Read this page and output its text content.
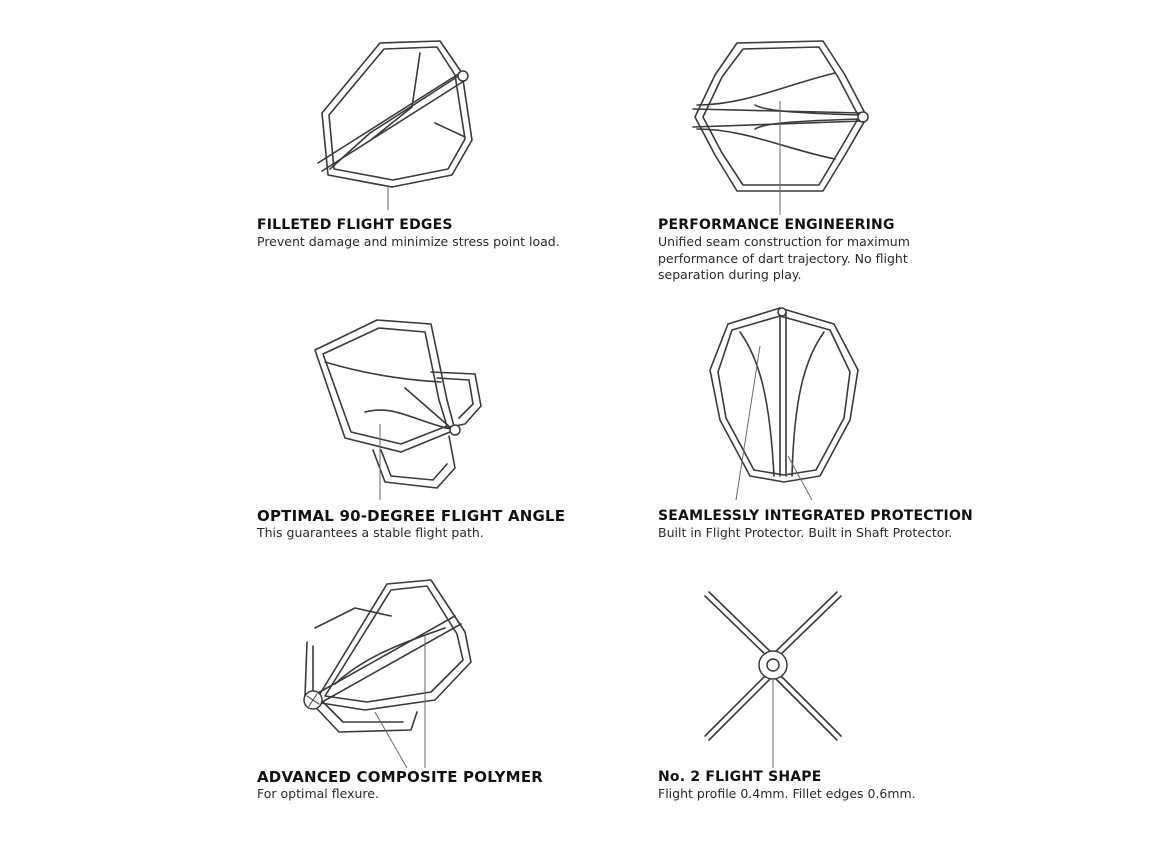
FILLETED FLIGHT EDGES
Prevent damage and minimize stress point load.
PERFORMANCE ENGINEERING
Unified seam construction for maximum
performance of dart trajectory. No flight
separation during play.
OPTIMAL 90-DEGREE FLIGHT ANGLE
This guarantees a stable flight path.
SEAMLESSLY INTEGRATED PROTECTION
Built in Flight Protector. Built in Shaft Protector.
ADVANCED COMPOSITE POLYMER
For optimal flexure.
No. 2 FLIGHT SHAPE
Flight profile 0.4mm. Fillet edges 0.6mm.
